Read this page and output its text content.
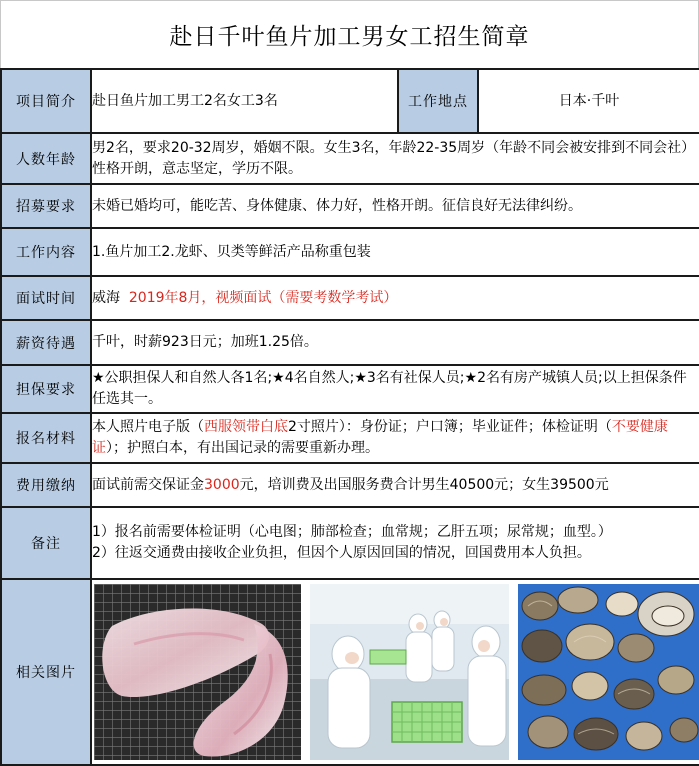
赴日千叶鱼片加工男女工招生简章
项目简介	赴日鱼片加工男工2名女工3名	工作地点	日本·千叶
人数年龄	男2名，要求20-32周岁，婚姻不限。女生3名，年龄22-35周岁（年龄不同会被安排到不同会社）性格开朗，意志坚定，学历不限。		
招募要求	未婚已婚均可，能吃苦、身体健康、体力好，性格开朗。征信良好无法律纠纷。		
工作内容	1.鱼片加工2.龙虾、贝类等鲜活产品称重包装		
面试时间	威海  2019年8月，视频面试（需要考数学考试）		
薪资待遇	千叶，时薪923日元；加班1.25倍。		
担保要求	★公职担保人和自然人各1名;★4名自然人;★3名有社保人员;★2名有房产城镇人员;以上担保条件任选其一。		
报名材料	本人照片电子版（西服领带白底2寸照片）：身份证；户口簿；毕业证件；体检证明（不要健康证）；护照白本，有出国记录的需要重新办理。		
费用缴纳	面试前需交保证金3000元，培训费及出国服务费合计男生40500元；女生39500元		
备注	1）报名前需要体检证明（心电图；肺部检查；血常规；乙肝五项；尿常规；血型。）
2）往返交通费由接收企业负担，但因个人原因回国的情况，回国费用本人负担。		

相关图片	
